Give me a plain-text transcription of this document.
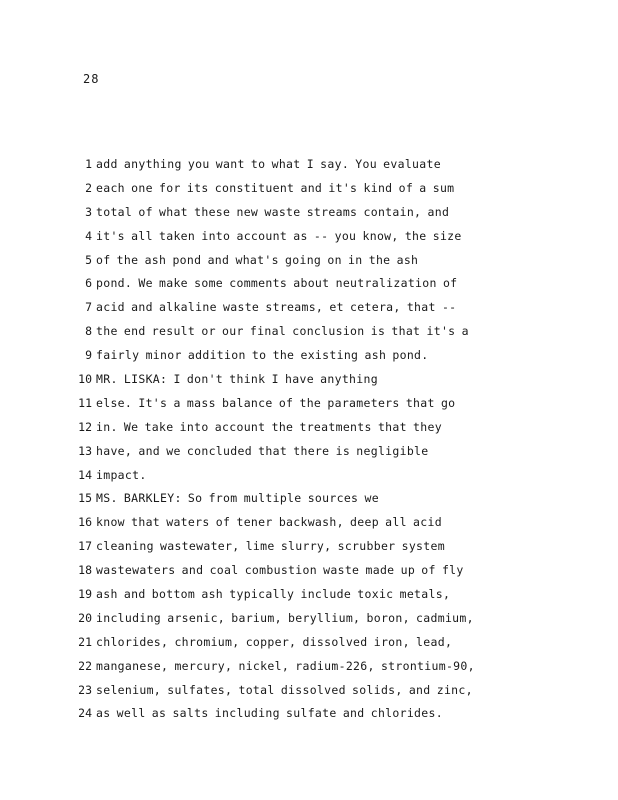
28
1 add anything you want to what I say. You evaluate
2 each one for its constituent and it's kind of a sum
3 total of what these new waste streams contain, and
4 it's all taken into account as -- you know, the size
5 of the ash pond and what's going on in the ash
6 pond. We make some comments about neutralization of
7 acid and alkaline waste streams, et cetera, that --
8 the end result or our final conclusion is that it's a
9 fairly minor addition to the existing ash pond.
10 MR. LISKA: I don't think I have anything
11 else. It's a mass balance of the parameters that go
12 in. We take into account the treatments that they
13 have, and we concluded that there is negligible
14 impact.
15 MS. BARKLEY: So from multiple sources we
16 know that waters of tener backwash, deep all acid
17 cleaning wastewater, lime slurry, scrubber system
18 wastewaters and coal combustion waste made up of fly
19 ash and bottom ash typically include toxic metals,
20 including arsenic, barium, beryllium, boron, cadmium,
21 chlorides, chromium, copper, dissolved iron, lead,
22 manganese, mercury, nickel, radium-226, strontium-90,
23 selenium, sulfates, total dissolved solids, and zinc,
24 as well as salts including sulfate and chlorides.
